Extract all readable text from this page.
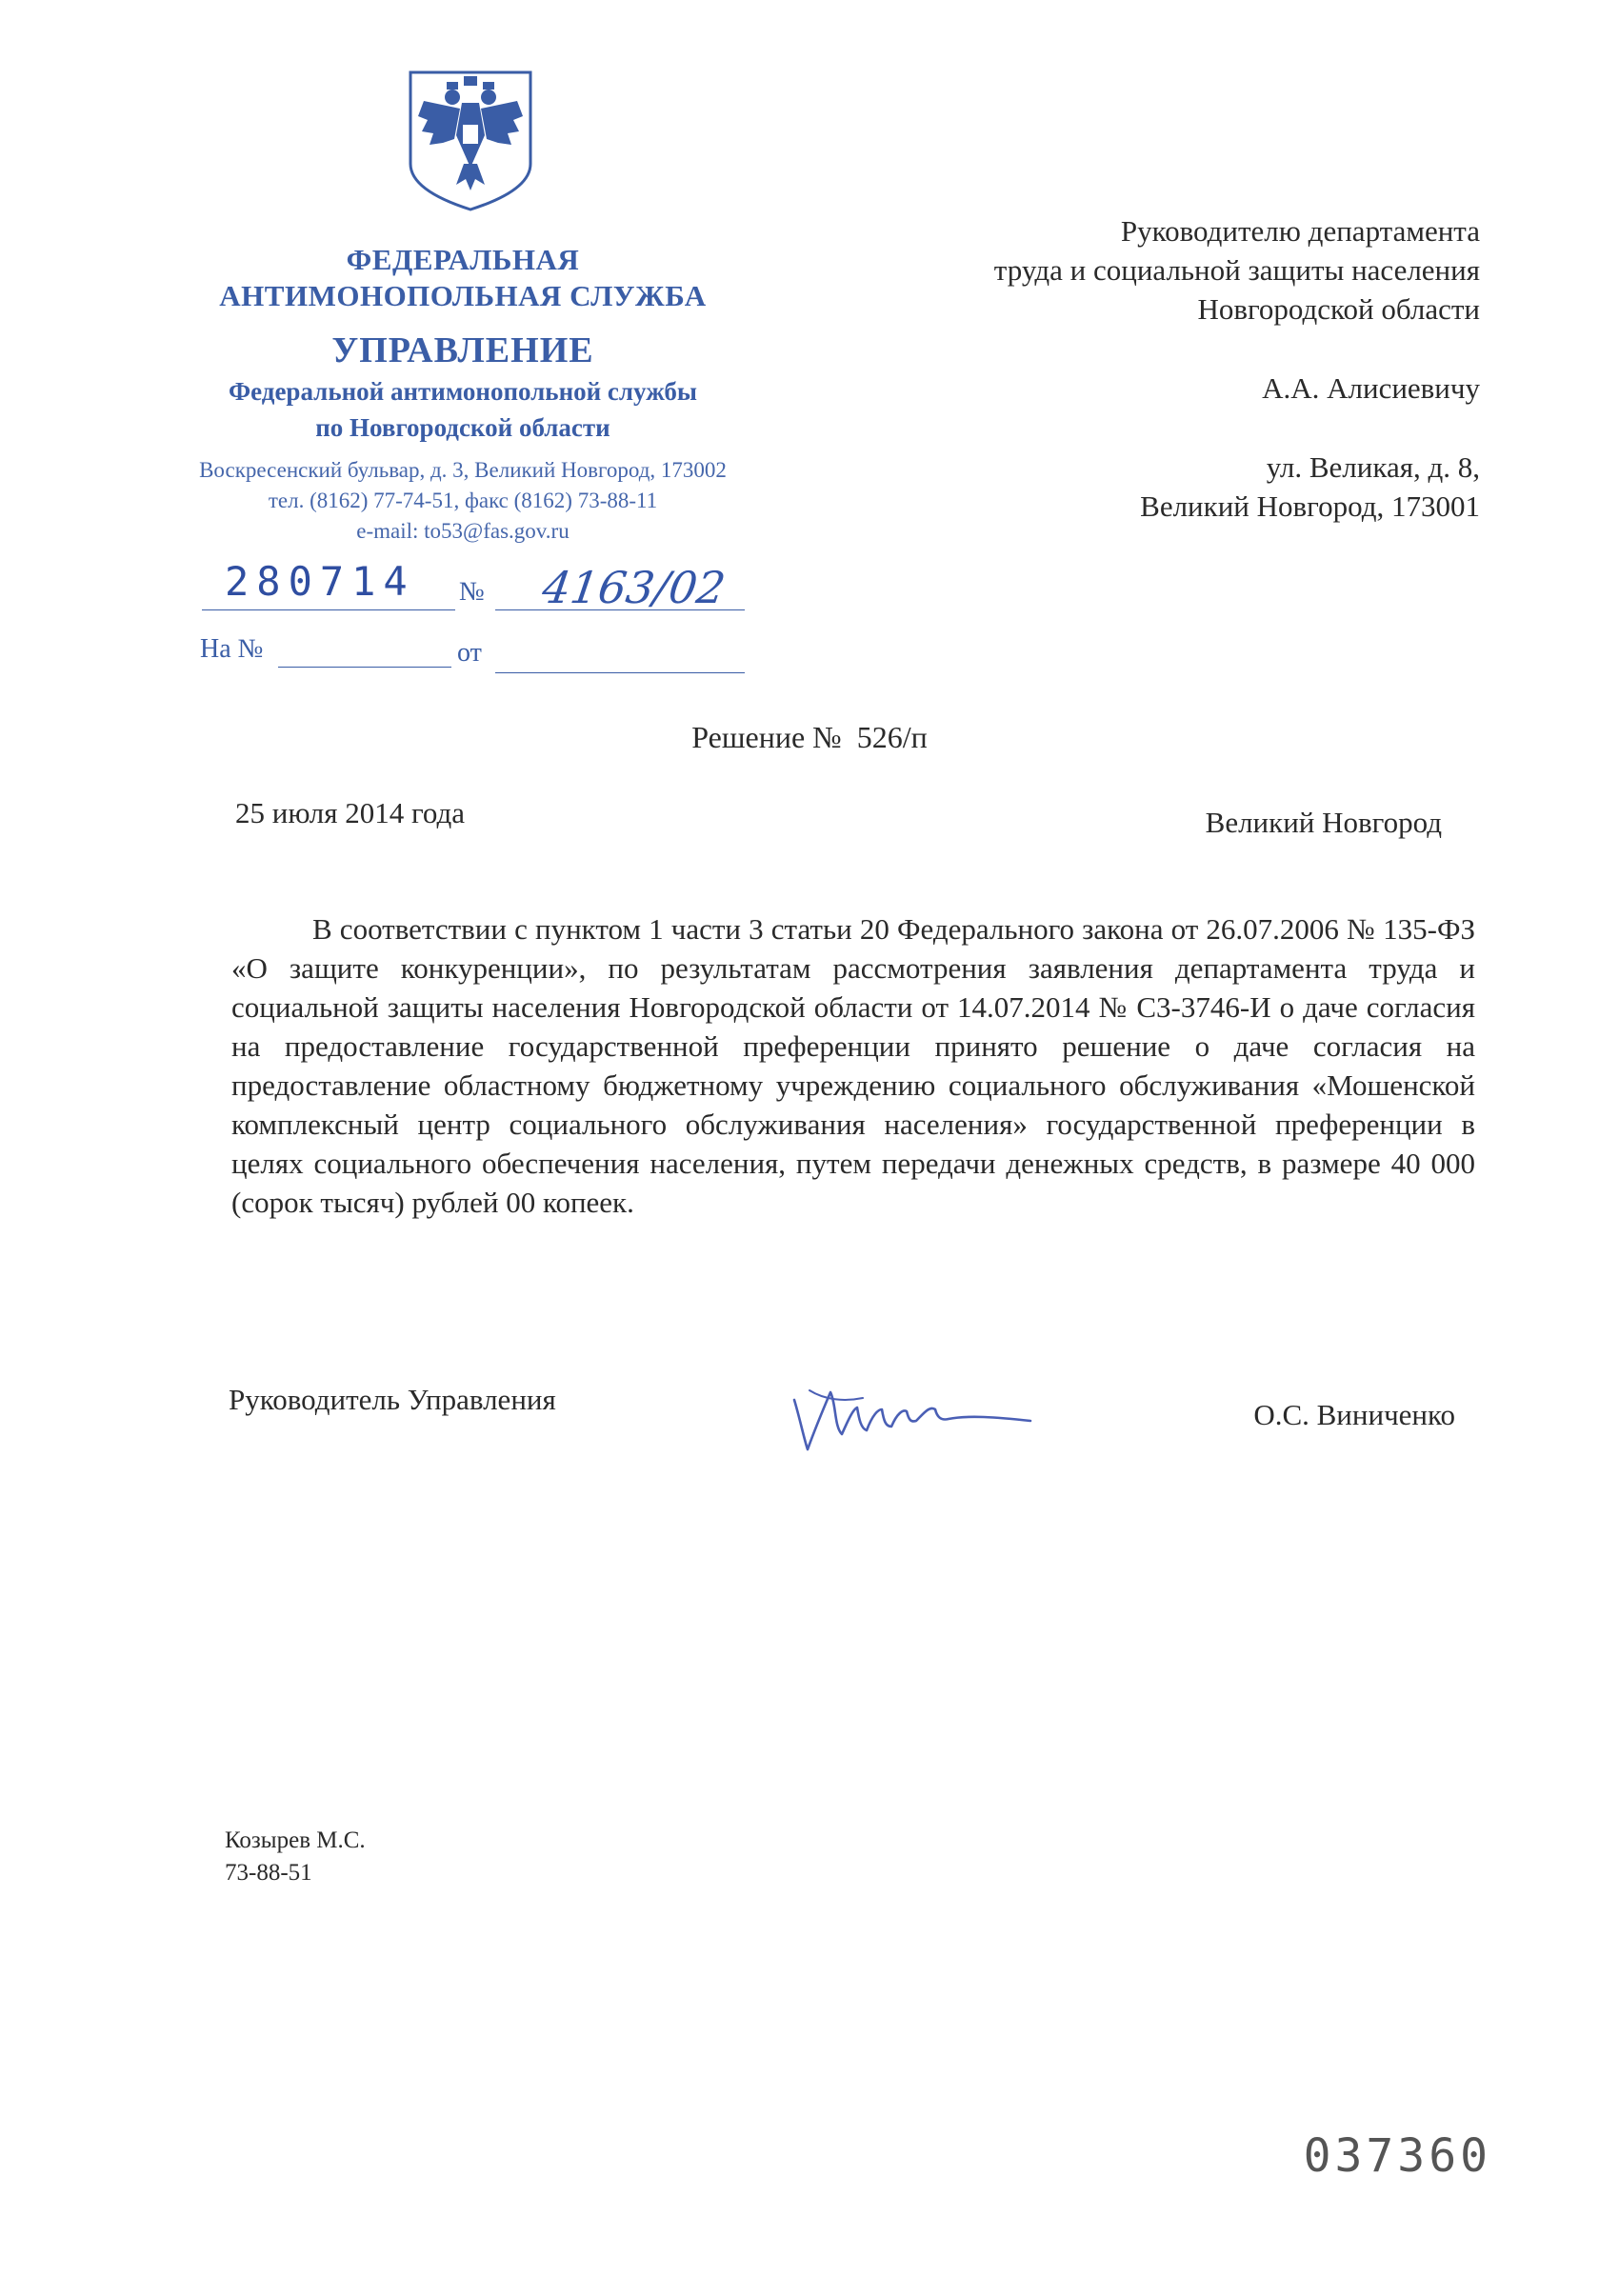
ФЕДЕРАЛЬНАЯ
АНТИМОНОПОЛЬНАЯ СЛУЖБА
УПРАВЛЕНИЕ
Федеральной антимонопольной службы
по Новгородской области
Воскресенский бульвар, д. 3, Великий Новгород, 173002
тел. (8162) 77-74-51, факс (8162) 73-88-11
e-mail: to53@fas.gov.ru
280714 № 4163/02
На №	от
Руководителю департамента
труда и социальной защиты населения
Новгородской области
А.А. Алисиевичу
ул. Великая, д. 8,
Великий Новгород, 173001
Решение №  526/п
25 июля 2014 года	Великий Новгород
В соответствии с пунктом 1 части 3 статьи 20 Федерального закона от 26.07.2006 № 135-ФЗ «О защите конкуренции», по результатам рассмотрения заявления департамента труда и социальной защиты населения Новгородской области от 14.07.2014 № С3-3746-И о даче согласия на предоставление государственной преференции принято решение о даче согласия на предоставление областному бюджетному учреждению социального обслуживания «Мошенской комплексный центр социального обслуживания населения» государственной преференции в целях социального обеспечения населения, путем передачи денежных средств, в размере 40 000 (сорок тысяч) рублей 00 копеек.
Руководитель Управления	О.С. Виниченко
Козырев М.С.
73-88-51
037360
